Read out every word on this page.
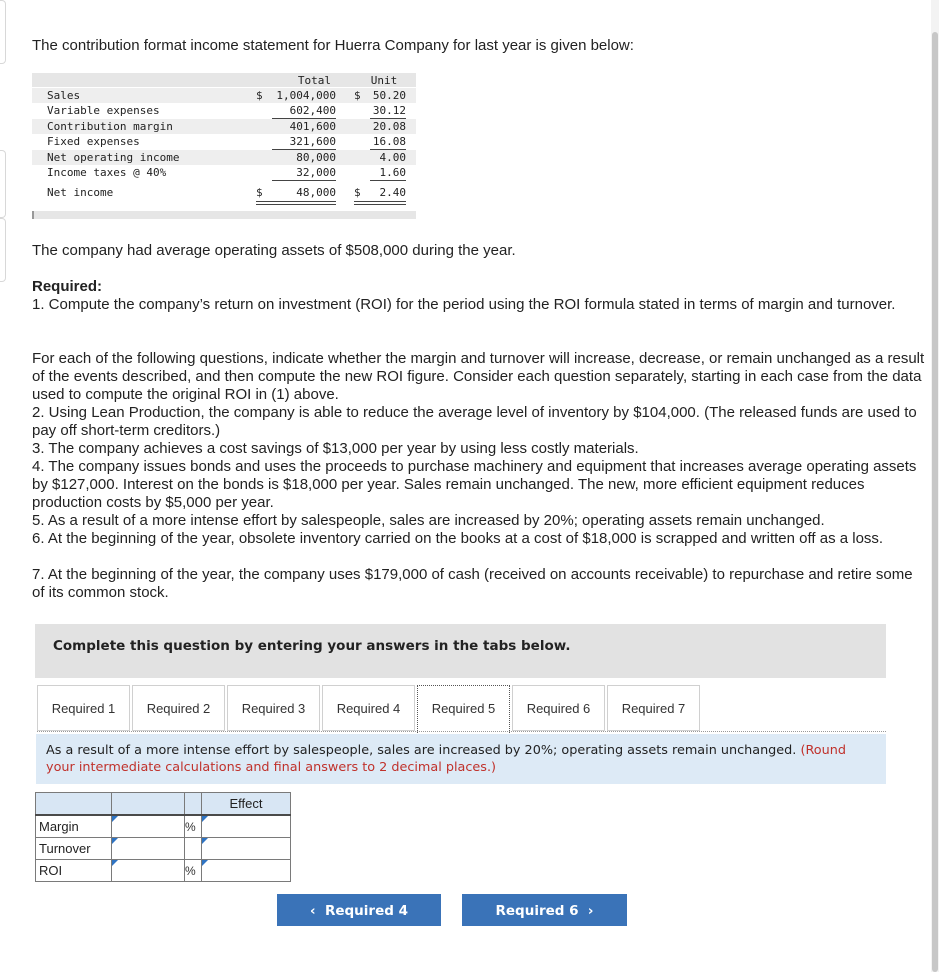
The contribution format income statement for Huerra Company for last year is given below:
Total	Unit
Sales	$	1,004,000 $	50.20
Variable expenses	602,400	30.12
Contribution margin	401,600	20.08
Fixed expenses	321,600	16.08
Net operating income	80,000	4.00
Income taxes @ 40%	32,000	1.60
Net income	$	48,000 $	2.40
The company had average operating assets of $508,000 during the year.
Required:
1. Compute the company’s return on investment (ROI) for the period using the ROI formula stated in terms of margin and turnover.
For each of the following questions, indicate whether the margin and turnover will increase, decrease, or remain unchanged as a result of the events described, and then compute the new ROI figure. Consider each question separately, starting in each case from the data used to compute the original ROI in (1) above.
2. Using Lean Production, the company is able to reduce the average level of inventory by $104,000. (The released funds are used to pay off short-term creditors.)
3. The company achieves a cost savings of $13,000 per year by using less costly materials.
4. The company issues bonds and uses the proceeds to purchase machinery and equipment that increases average operating assets by $127,000. Interest on the bonds is $18,000 per year. Sales remain unchanged. The new, more efficient equipment reduces production costs by $5,000 per year.
5. As a result of a more intense effort by salespeople, sales are increased by 20%; operating assets remain unchanged.
6. At the beginning of the year, obsolete inventory carried on the books at a cost of $18,000 is scrapped and written off as a loss.
7. At the beginning of the year, the company uses $179,000 of cash (received on accounts receivable) to repurchase and retire some of its common stock.
Complete this question by entering your answers in the tabs below.
Required 1	Required 2	Required 3	Required 4	Required 5	Required 6	Required 7
As a result of a more intense effort by salespeople, sales are increased by 20%; operating assets remain unchanged. (Round your intermediate calculations and final answers to 2 decimal places.)
			Effect
Margin		%	

Turnover	

ROI		%	
‹  Required 4	Required 6  ›
